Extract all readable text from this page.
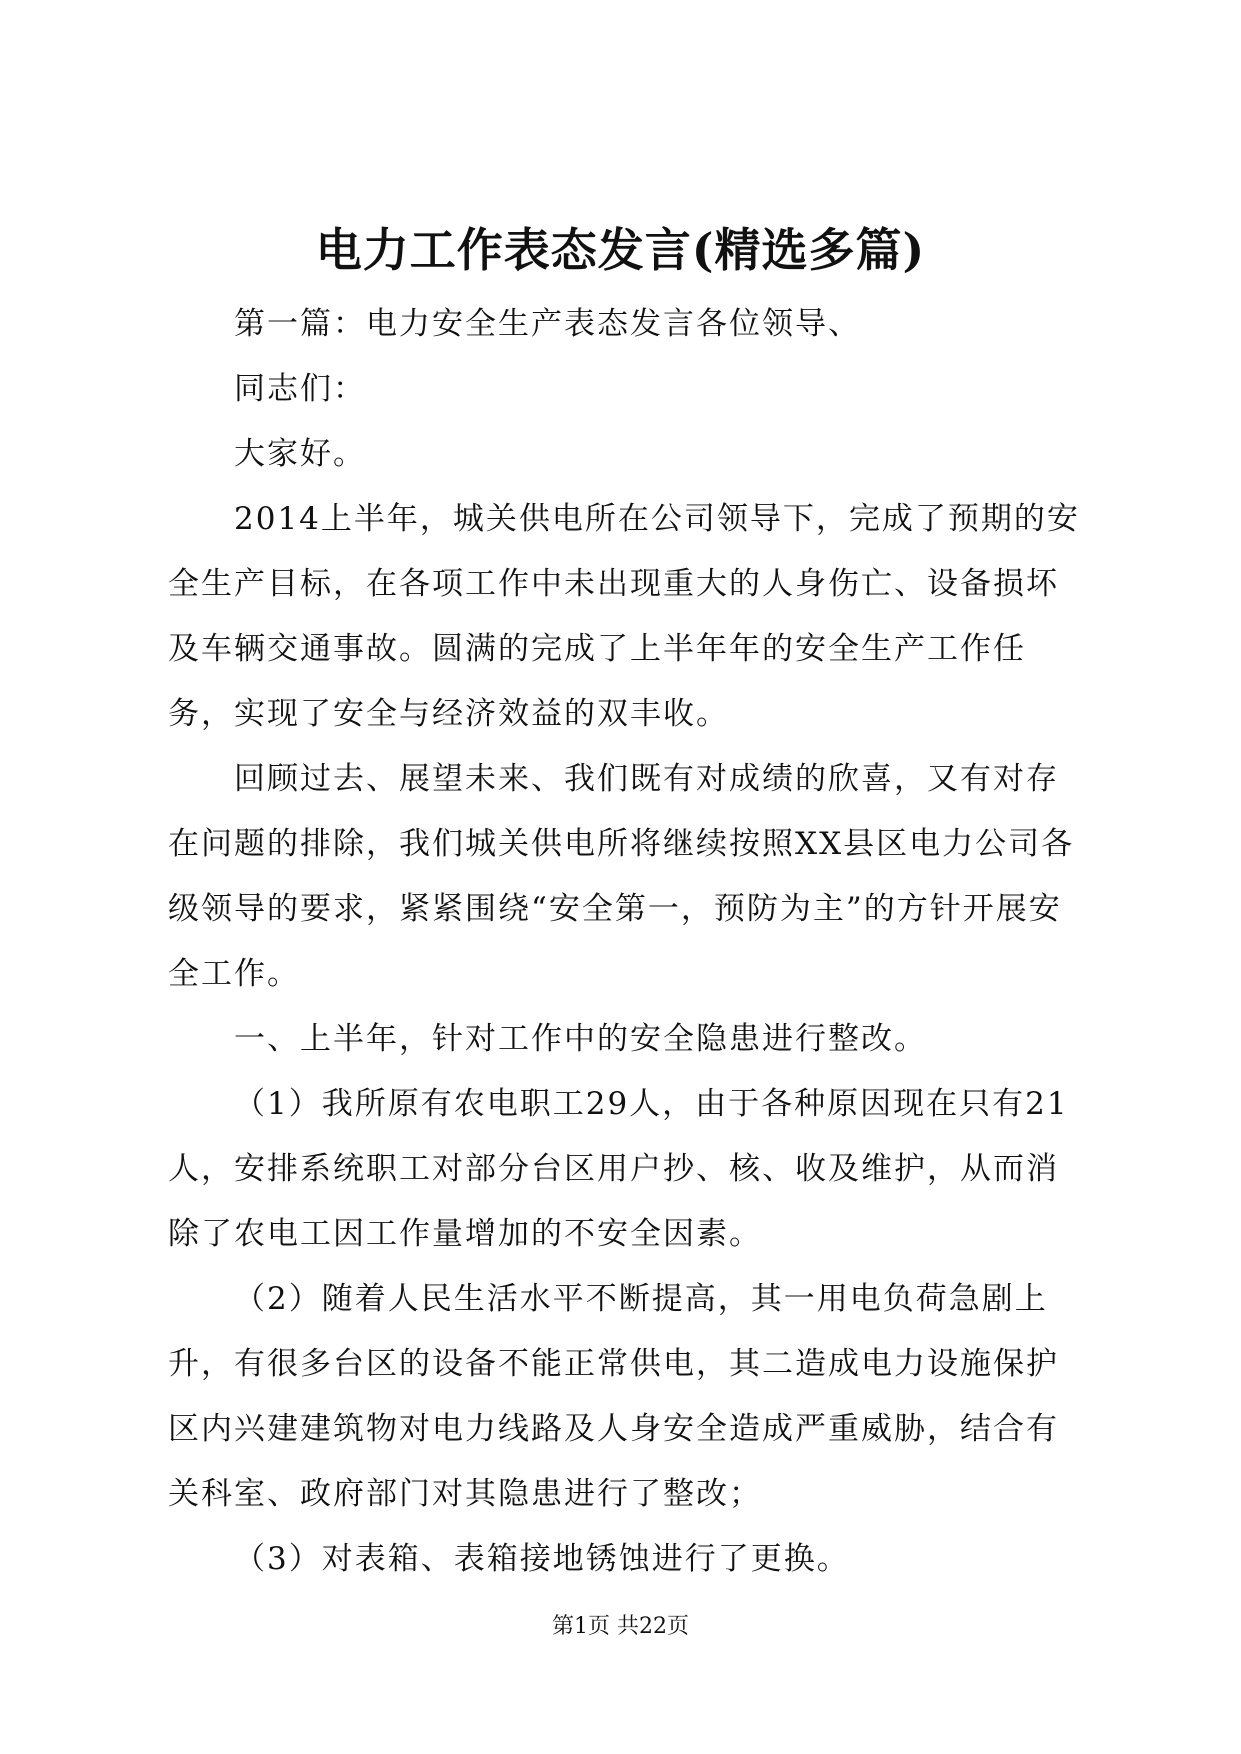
电力工作表态发言(精选多篇)

第一篇：电力安全生产表态发言各位领导、

同志们：

大家好。

2014上半年，城关供电所在公司领导下，完成了预期的安全生产目标，在各项工作中未出现重大的人身伤亡、设备损坏及车辆交通事故。圆满的完成了上半年年的安全生产工作任务，实现了安全与经济效益的双丰收。

回顾过去、展望未来、我们既有对成绩的欣喜，又有对存在问题的排除，我们城关供电所将继续按照XX县区电力公司各级领导的要求，紧紧围绕“安全第一，预防为主”的方针开展安全工作。

一、上半年，针对工作中的安全隐患进行整改。

（1）我所原有农电职工29人，由于各种原因现在只有21人，安排系统职工对部分台区用户抄、核、收及维护，从而消除了农电工因工作量增加的不安全因素。

（2）随着人民生活水平不断提高，其一用电负荷急剧上升，有很多台区的设备不能正常供电，其二造成电力设施保护区内兴建建筑物对电力线路及人身安全造成严重威胁，结合有关科室、政府部门对其隐患进行了整改；

（3）对表箱、表箱接地锈蚀进行了更换。

第1页 共22页
